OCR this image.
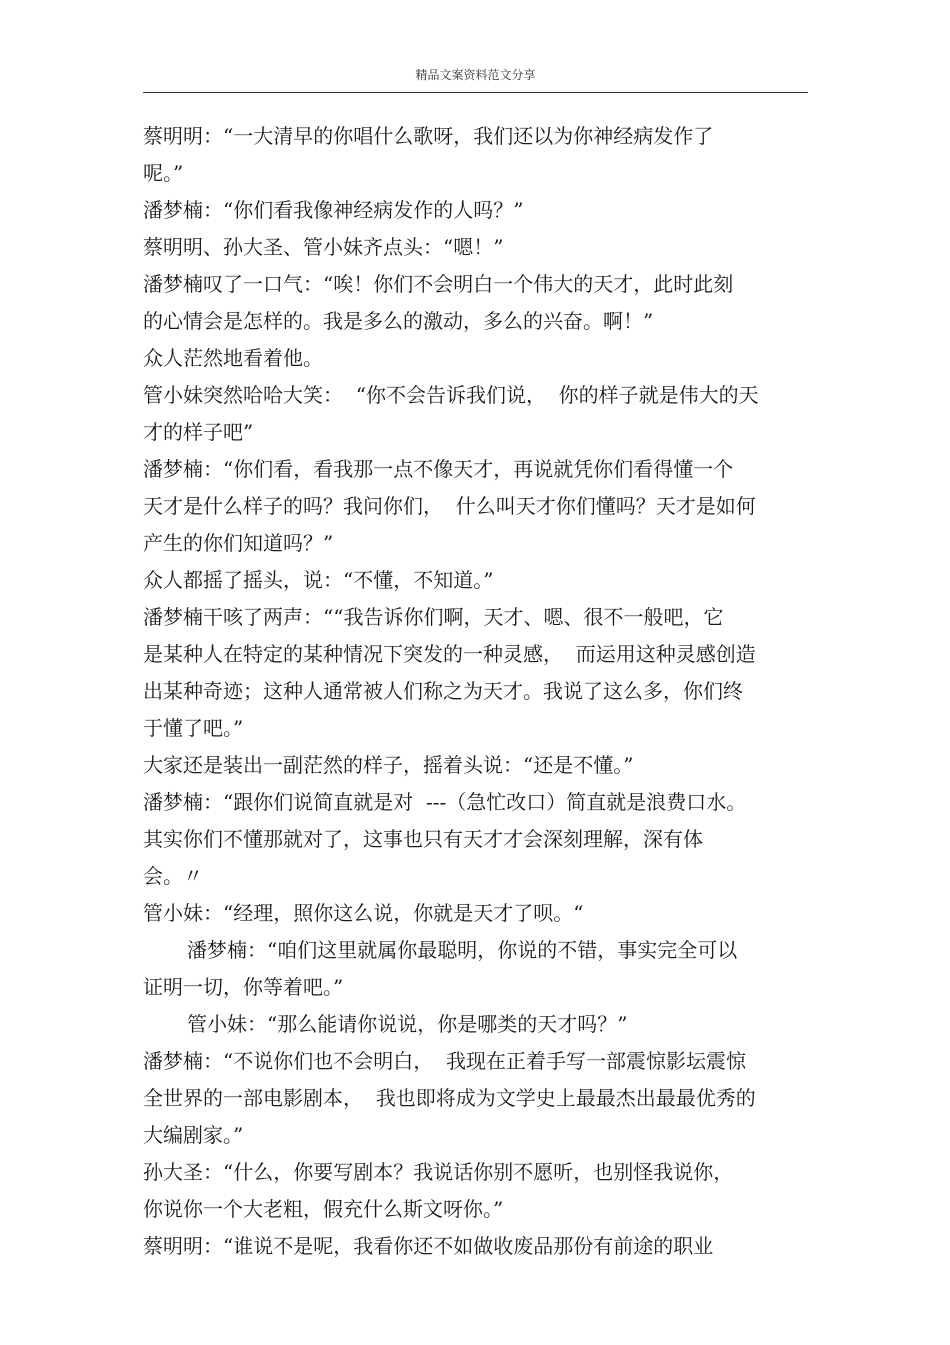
精品文案资料范文分享
蔡明明：“一大清早的你唱什么歌呀，我们还以为你神经病发作了
呢。”
潘梦楠：“你们看我像神经病发作的人吗？”
蔡明明、孙大圣、管小妹齐点头：“嗯！”
潘梦楠叹了一口气：“唉！你们不会明白一个伟大的天才，此时此刻
的心情会是怎样的。我是多么的激动，多么的兴奋。啊！”
众人茫然地看着他。
管小妹突然哈哈大笑：  “你不会告诉我们说，  你的样子就是伟大的天
才的样子吧”
潘梦楠：“你们看，看我那一点不像天才，再说就凭你们看得懂一个
天才是什么样子的吗？我问你们，  什么叫天才你们懂吗？天才是如何
产生的你们知道吗？”
众人都摇了摇头，说：“不懂，不知道。”
潘梦楠干咳了两声：““我告诉你们啊，天才、嗯、很不一般吧，它
是某种人在特定的某种情况下突发的一种灵感，  而运用这种灵感创造
出某种奇迹；这种人通常被人们称之为天才。我说了这么多，你们终
于懂了吧。”
大家还是装出一副茫然的样子，摇着头说：“还是不懂。”
潘梦楠：“跟你们说简直就是对  ---（急忙改口）简直就是浪费口水。
其实你们不懂那就对了，这事也只有天才才会深刻理解，深有体
会。〃
管小妹：“经理，照你这么说，你就是天才了呗。“
潘梦楠：“咱们这里就属你最聪明，你说的不错，事实完全可以
证明一切，你等着吧。”
管小妹：“那么能请你说说，你是哪类的天才吗？”
潘梦楠：“不说你们也不会明白，  我现在正着手写一部震惊影坛震惊
全世界的一部电影剧本，  我也即将成为文学史上最最杰出最最优秀的
大编剧家。”
孙大圣：“什么，你要写剧本？我说话你别不愿听，也别怪我说你，
你说你一个大老粗，假充什么斯文呀你。”
蔡明明：“谁说不是呢，我看你还不如做收废品那份有前途的职业
